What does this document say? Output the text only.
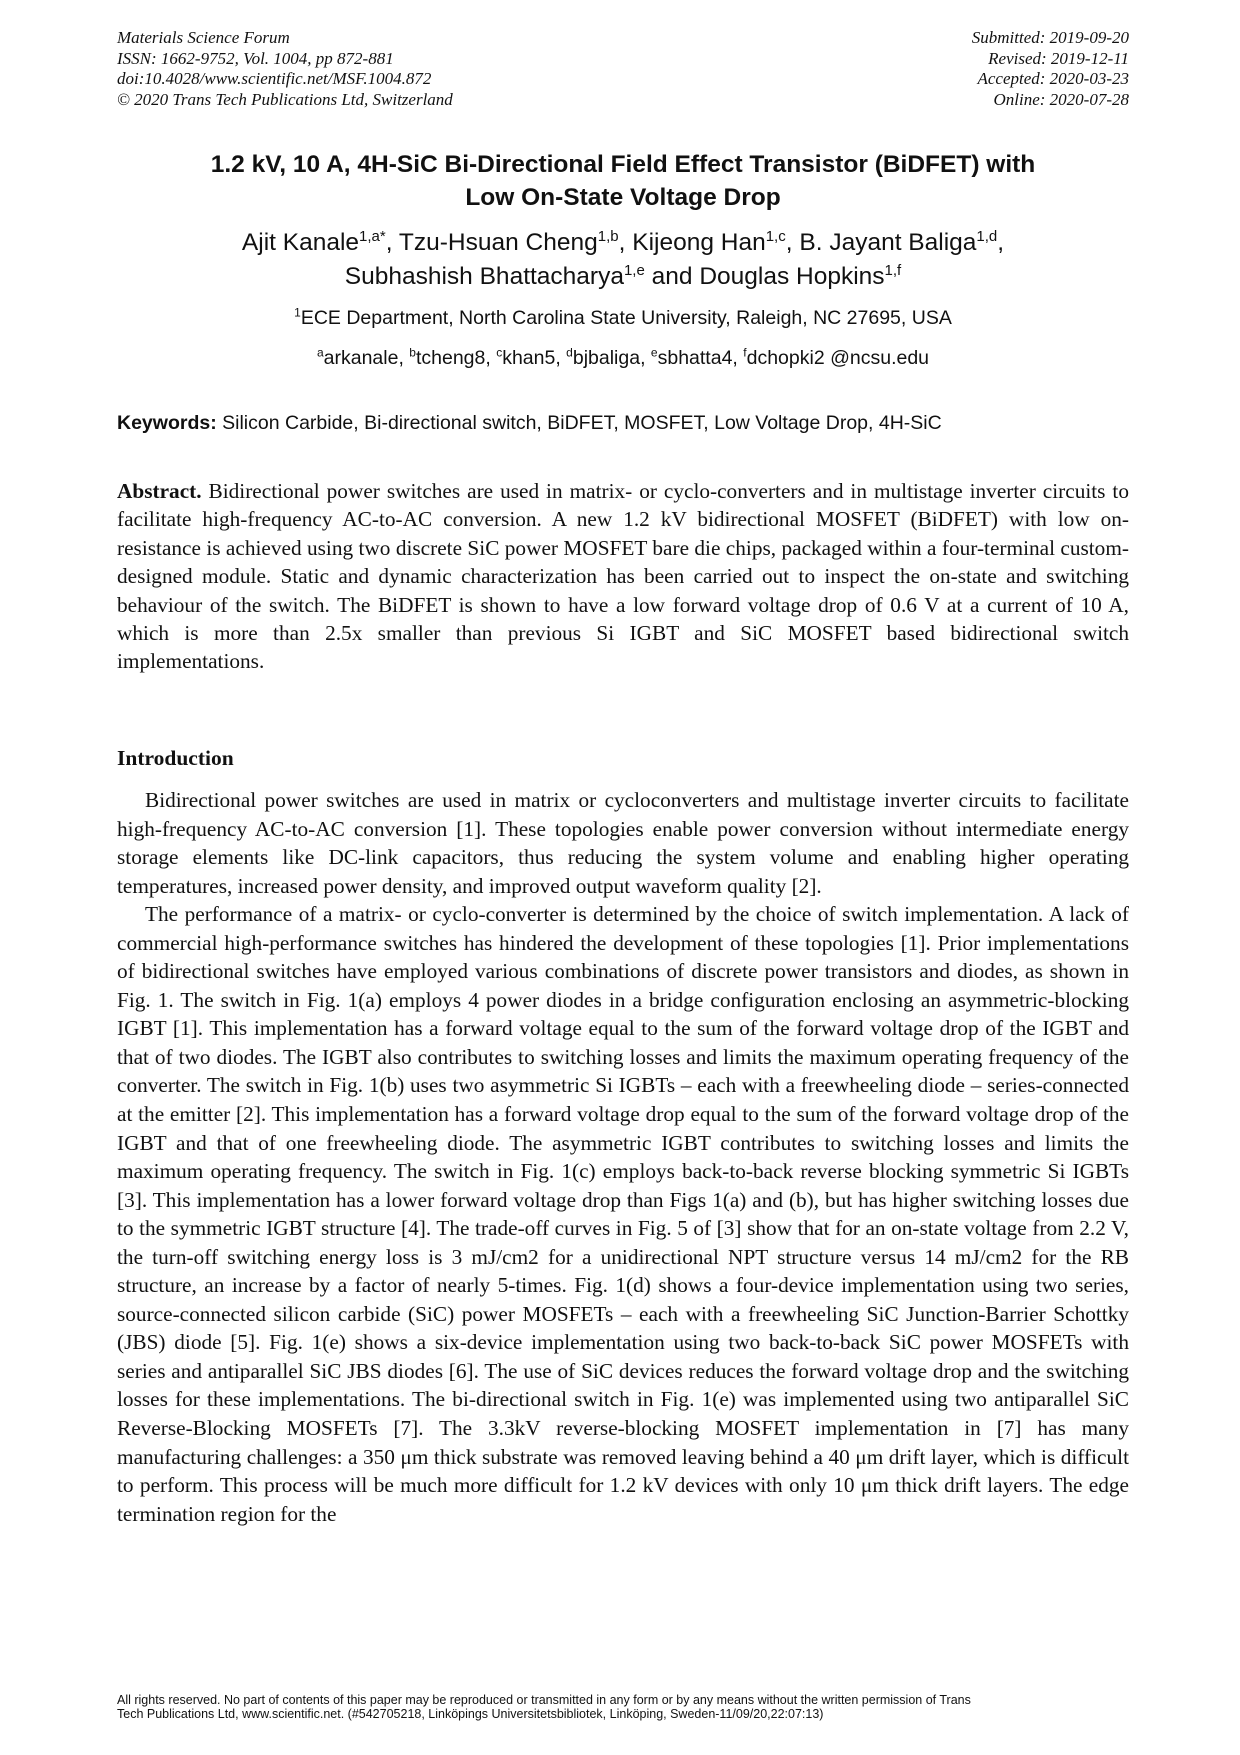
Materials Science Forum
ISSN: 1662-9752, Vol. 1004, pp 872-881
doi:10.4028/www.scientific.net/MSF.1004.872
© 2020 Trans Tech Publications Ltd, Switzerland
Submitted: 2019-09-20
Revised: 2019-12-11
Accepted: 2020-03-23
Online: 2020-07-28
1.2 kV, 10 A, 4H-SiC Bi-Directional Field Effect Transistor (BiDFET) with
Low On-State Voltage Drop
Ajit Kanale$^{1,a*}$, Tzu-Hsuan Cheng$^{1,b}$, Kijeong Han$^{1,c}$, B. Jayant Baliga$^{1,d}$,
Subhashish Bhattacharya$^{1,e}$ and Douglas Hopkins$^{1,f}$
$^1$ECE Department, North Carolina State University, Raleigh, NC 27695, USA
$^a$arkanale, $^b$tcheng8, $^c$khan5, $^d$bjbaliga, $^e$sbhatta4, $^f$dchopki2 @ncsu.edu
Keywords: Silicon Carbide, Bi-directional switch, BiDFET, MOSFET, Low Voltage Drop, 4H-SiC
Abstract. Bidirectional power switches are used in matrix- or cyclo-converters and in multistage inverter circuits to facilitate high-frequency AC-to-AC conversion. A new 1.2 kV bidirectional MOSFET (BiDFET) with low on-resistance is achieved using two discrete SiC power MOSFET bare die chips, packaged within a four-terminal custom-designed module. Static and dynamic characterization has been carried out to inspect the on-state and switching behaviour of the switch. The BiDFET is shown to have a low forward voltage drop of 0.6 V at a current of 10 A, which is more than 2.5x smaller than previous Si IGBT and SiC MOSFET based bidirectional switch implementations.
Introduction

Bidirectional power switches are used in matrix or cycloconverters and multistage inverter circuits to facilitate high-frequency AC-to-AC conversion [1]. These topologies enable power conversion without intermediate energy storage elements like DC-link capacitors, thus reducing the system volume and enabling higher operating temperatures, increased power density, and improved output waveform quality [2].

The performance of a matrix- or cyclo-converter is determined by the choice of switch implementation. A lack of commercial high-performance switches has hindered the development of these topologies [1]. Prior implementations of bidirectional switches have employed various combinations of discrete power transistors and diodes, as shown in Fig. 1. The switch in Fig. 1(a) employs 4 power diodes in a bridge configuration enclosing an asymmetric-blocking IGBT [1]. This implementation has a forward voltage equal to the sum of the forward voltage drop of the IGBT and that of two diodes. The IGBT also contributes to switching losses and limits the maximum operating frequency of the converter. The switch in Fig. 1(b) uses two asymmetric Si IGBTs – each with a freewheeling diode – series-connected at the emitter [2]. This implementation has a forward voltage drop equal to the sum of the forward voltage drop of the IGBT and that of one freewheeling diode. The asymmetric IGBT contributes to switching losses and limits the maximum operating frequency. The switch in Fig. 1(c) employs back-to-back reverse blocking symmetric Si IGBTs [3]. This implementation has a lower forward voltage drop than Figs 1(a) and (b), but has higher switching losses due to the symmetric IGBT structure [4]. The trade-off curves in Fig. 5 of [3] show that for an on-state voltage from 2.2 V, the turn-off switching energy loss is 3 mJ/cm2 for a unidirectional NPT structure versus 14 mJ/cm2 for the RB structure, an increase by a factor of nearly 5-times. Fig. 1(d) shows a four-device implementation using two series, source-connected silicon carbide (SiC) power MOSFETs – each with a freewheeling SiC Junction-Barrier Schottky (JBS) diode [5]. Fig. 1(e) shows a six-device implementation using two back-to-back SiC power MOSFETs with series and antiparallel SiC JBS diodes [6]. The use of SiC devices reduces the forward voltage drop and the switching losses for these implementations. The bi-directional switch in Fig. 1(e) was implemented using two antiparallel SiC Reverse-Blocking MOSFETs [7]. The 3.3kV reverse-blocking MOSFET implementation in [7] has many manufacturing challenges: a 350 μm thick substrate was removed leaving behind a 40 μm drift layer, which is difficult to perform. This process will be much more difficult for 1.2 kV devices with only 10 μm thick drift layers. The edge termination region for the

All rights reserved. No part of contents of this paper may be reproduced or transmitted in any form or by any means without the written permission of Trans
Tech Publications Ltd, www.scientific.net. (#542705218, Linköpings Universitetsbibliotek, Linköping, Sweden-11/09/20,22:07:13)
